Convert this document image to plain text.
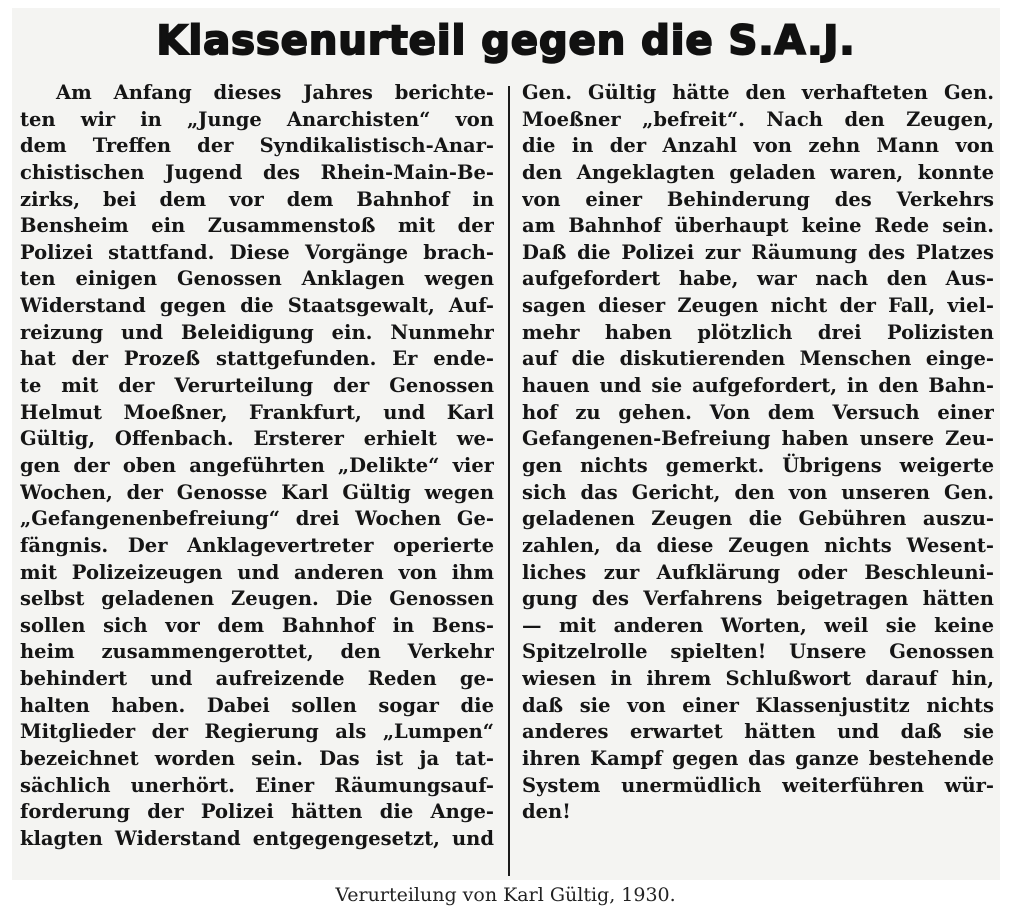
Klassenurteil gegen die S.A.J.
Am Anfang dieses Jahres berichte-
ten wir in „Junge Anarchisten“ von
dem Treffen der Syndikalistisch-Anar-
chistischen Jugend des Rhein-Main-Be-
zirks, bei dem vor dem Bahnhof in
Bensheim ein Zusammenstoß mit der
Polizei stattfand. Diese Vorgänge brach-
ten einigen Genossen Anklagen wegen
Widerstand gegen die Staatsgewalt, Auf-
reizung und Beleidigung ein. Nunmehr
hat der Prozeß stattgefunden. Er ende-
te mit der Verurteilung der Genossen
Helmut Moeßner, Frankfurt, und Karl
Gültig, Offenbach. Ersterer erhielt we-
gen der oben angeführten „Delikte“ vier
Wochen, der Genosse Karl Gültig wegen
„Gefangenenbefreiung“ drei Wochen Ge-
fängnis. Der Anklagevertreter operierte
mit Polizeizeugen und anderen von ihm
selbst geladenen Zeugen. Die Genossen
sollen sich vor dem Bahnhof in Bens-
heim zusammengerottet, den Verkehr
behindert und aufreizende Reden ge-
halten haben. Dabei sollen sogar die
Mitglieder der Regierung als „Lumpen“
bezeichnet worden sein. Das ist ja tat-
sächlich unerhört. Einer Räumungsauf-
forderung der Polizei hätten die Ange-
klagten Widerstand entgegengesetzt, und
Gen. Gültig hätte den verhafteten Gen.
Moeßner „befreit“. Nach den Zeugen,
die in der Anzahl von zehn Mann von
den Angeklagten geladen waren, konnte
von einer Behinderung des Verkehrs
am Bahnhof überhaupt keine Rede sein.
Daß die Polizei zur Räumung des Platzes
aufgefordert habe, war nach den Aus-
sagen dieser Zeugen nicht der Fall, viel-
mehr haben plötzlich drei Polizisten
auf die diskutierenden Menschen einge-
hauen und sie aufgefordert, in den Bahn-
hof zu gehen. Von dem Versuch einer
Gefangenen-Befreiung haben unsere Zeu-
gen nichts gemerkt. Übrigens weigerte
sich das Gericht, den von unseren Gen.
geladenen Zeugen die Gebühren auszu-
zahlen, da diese Zeugen nichts Wesent-
liches zur Aufklärung oder Beschleuni-
gung des Verfahrens beigetragen hätten
— mit anderen Worten, weil sie keine
Spitzelrolle spielten! Unsere Genossen
wiesen in ihrem Schlußwort darauf hin,
daß sie von einer Klassenjustitz nichts
anderes erwartet hätten und daß sie
ihren Kampf gegen das ganze bestehende
System unermüdlich weiterführen wür-
den!
Verurteilung von Karl Gültig, 1930.
